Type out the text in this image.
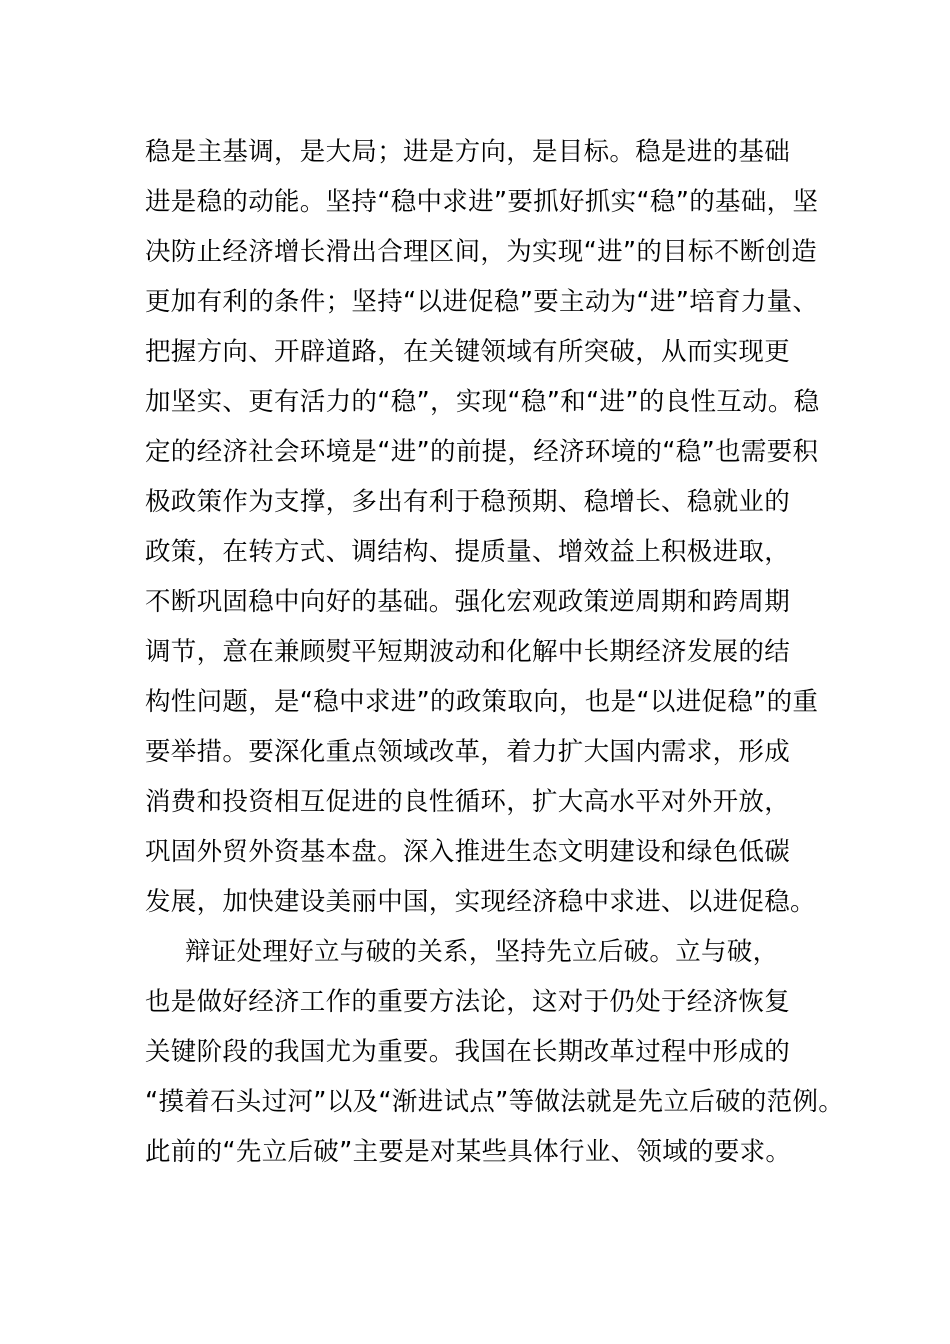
稳是主基调，是大局；进是方向，是目标。稳是进的基础
进是稳的动能。坚持“稳中求进”要抓好抓实“稳”的基础，坚
决防止经济增长滑出合理区间，为实现“进”的目标不断创造
更加有利的条件；坚持“以进促稳”要主动为“进”培育力量、
把握方向、开辟道路，在关键领域有所突破，从而实现更
加坚实、更有活力的“稳”，实现“稳”和“进”的良性互动。稳
定的经济社会环境是“进”的前提，经济环境的“稳”也需要积
极政策作为支撑，多出有利于稳预期、稳增长、稳就业的
政策，在转方式、调结构、提质量、增效益上积极进取，
不断巩固稳中向好的基础。强化宏观政策逆周期和跨周期
调节，意在兼顾熨平短期波动和化解中长期经济发展的结
构性问题，是“稳中求进”的政策取向，也是“以进促稳”的重
要举措。要深化重点领域改革，着力扩大国内需求，形成
消费和投资相互促进的良性循环，扩大高水平对外开放，
巩固外贸外资基本盘。深入推进生态文明建设和绿色低碳
发展，加快建设美丽中国，实现经济稳中求进、以进促稳。
辩证处理好立与破的关系，坚持先立后破。立与破，
也是做好经济工作的重要方法论，这对于仍处于经济恢复
关键阶段的我国尤为重要。我国在长期改革过程中形成的
“摸着石头过河”以及“渐进试点”等做法就是先立后破的范例。
此前的“先立后破”主要是对某些具体行业、领域的要求。
